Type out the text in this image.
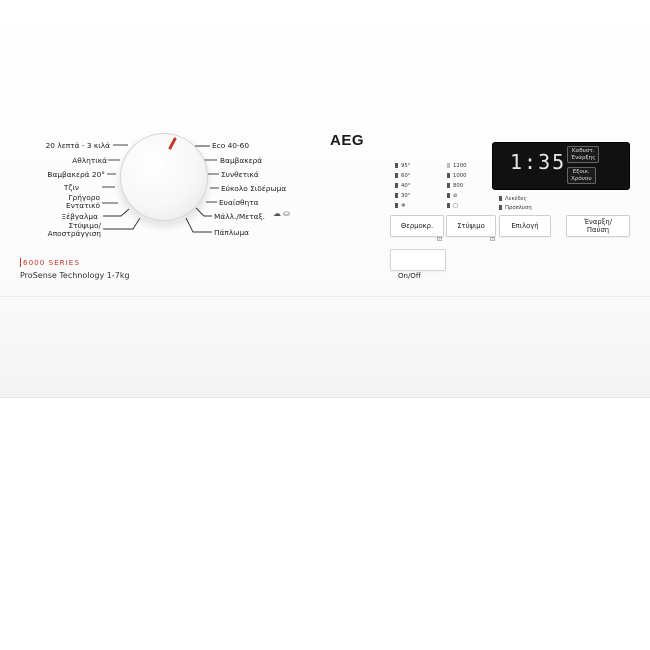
20 λεπτά - 3 κιλά
Αθλητικά
Βαμβακερά 20°
Τζιν
Γρήγορο
Εντατικό
Ξέβγαλμα
Στύψιμο/
Αποστράγγιση
Eco 40-60
Βαμβακερά
Συνθετικά
Εύκολο Σιδέρωμα
Ευαίσθητα
Μάλλ./Μεταξ. ☁ ⛀
Πάπλωμα
AEG
95°
60°
40°
30°
❄
1200
1000
800
⊘
▢
Λεκέδες
Πρόπλυση
1:35 Καθυστ.
Έναρξης
Εξοικ.
Χρόνου
Θερμοκρ.
⊡
Στύψιμο
⊡
Επιλογή	Έναρξη/
Παύση
On/Off
6000 SERIES
ProSense Technology 1-7kg
